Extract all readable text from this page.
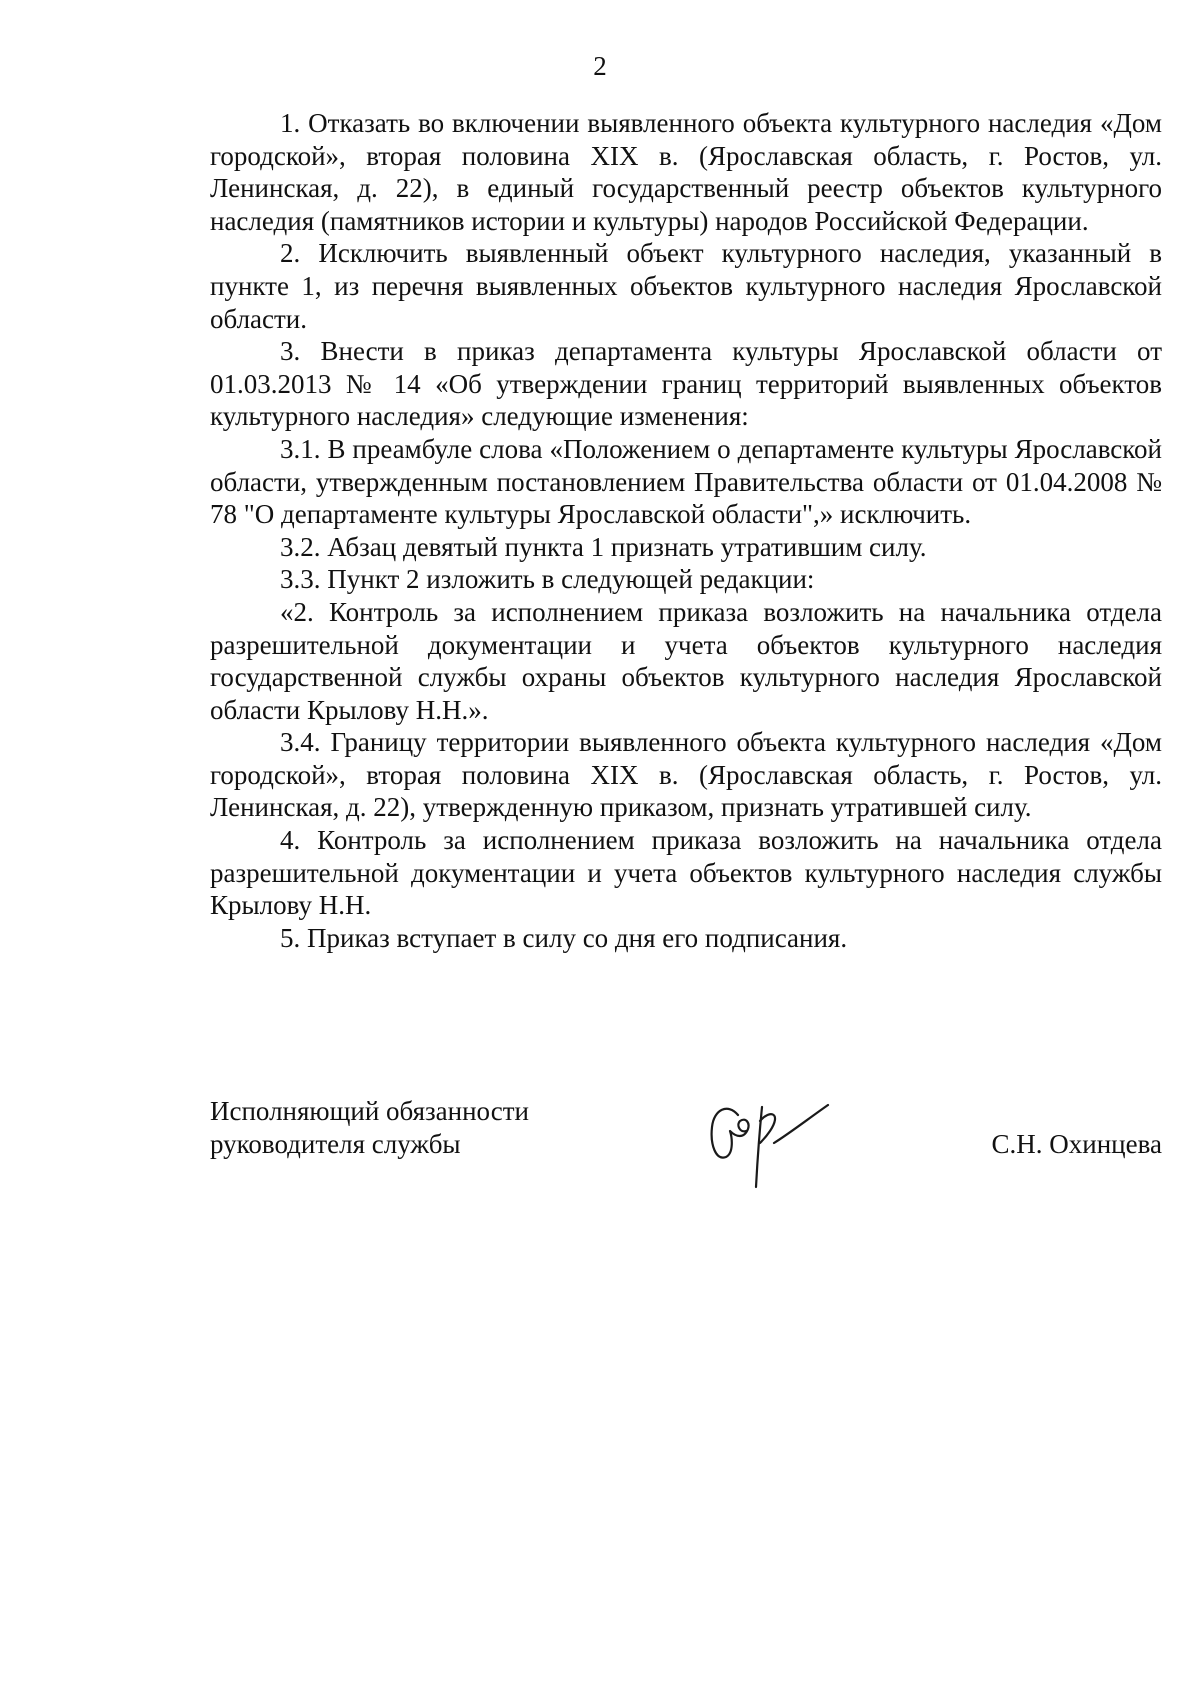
2

1. Отказать во включении выявленного объекта культурного наследия «Дом городской», вторая половина XIX в. (Ярославская область, г. Ростов, ул. Ленинская, д. 22), в единый государственный реестр объектов культурного наследия (памятников истории и культуры) народов Российской Федерации.

2. Исключить выявленный объект культурного наследия, указанный в пункте 1, из перечня выявленных объектов культурного наследия Ярославской области.

3. Внести в приказ департамента культуры Ярославской области от 01.03.2013 № 14 «Об утверждении границ территорий выявленных объектов культурного наследия» следующие изменения:

3.1. В преамбуле слова «Положением о департаменте культуры Ярославской области, утвержденным постановлением Правительства области от 01.04.2008 № 78 "О департаменте культуры Ярославской области",» исключить.

3.2. Абзац девятый пункта 1 признать утратившим силу.

3.3. Пункт 2 изложить в следующей редакции:

«2. Контроль за исполнением приказа возложить на начальника отдела разрешительной документации и учета объектов культурного наследия государственной службы охраны объектов культурного наследия Ярославской области Крылову Н.Н.».

3.4. Границу территории выявленного объекта культурного наследия «Дом городской», вторая половина XIX в. (Ярославская область, г. Ростов, ул. Ленинская, д. 22), утвержденную приказом, признать утратившей силу.

4. Контроль за исполнением приказа возложить на начальника отдела разрешительной документации и учета объектов культурного наследия службы Крылову Н.Н.

5. Приказ вступает в силу со дня его подписания.

Исполняющий обязанности
руководителя службы	С.Н. Охинцева
